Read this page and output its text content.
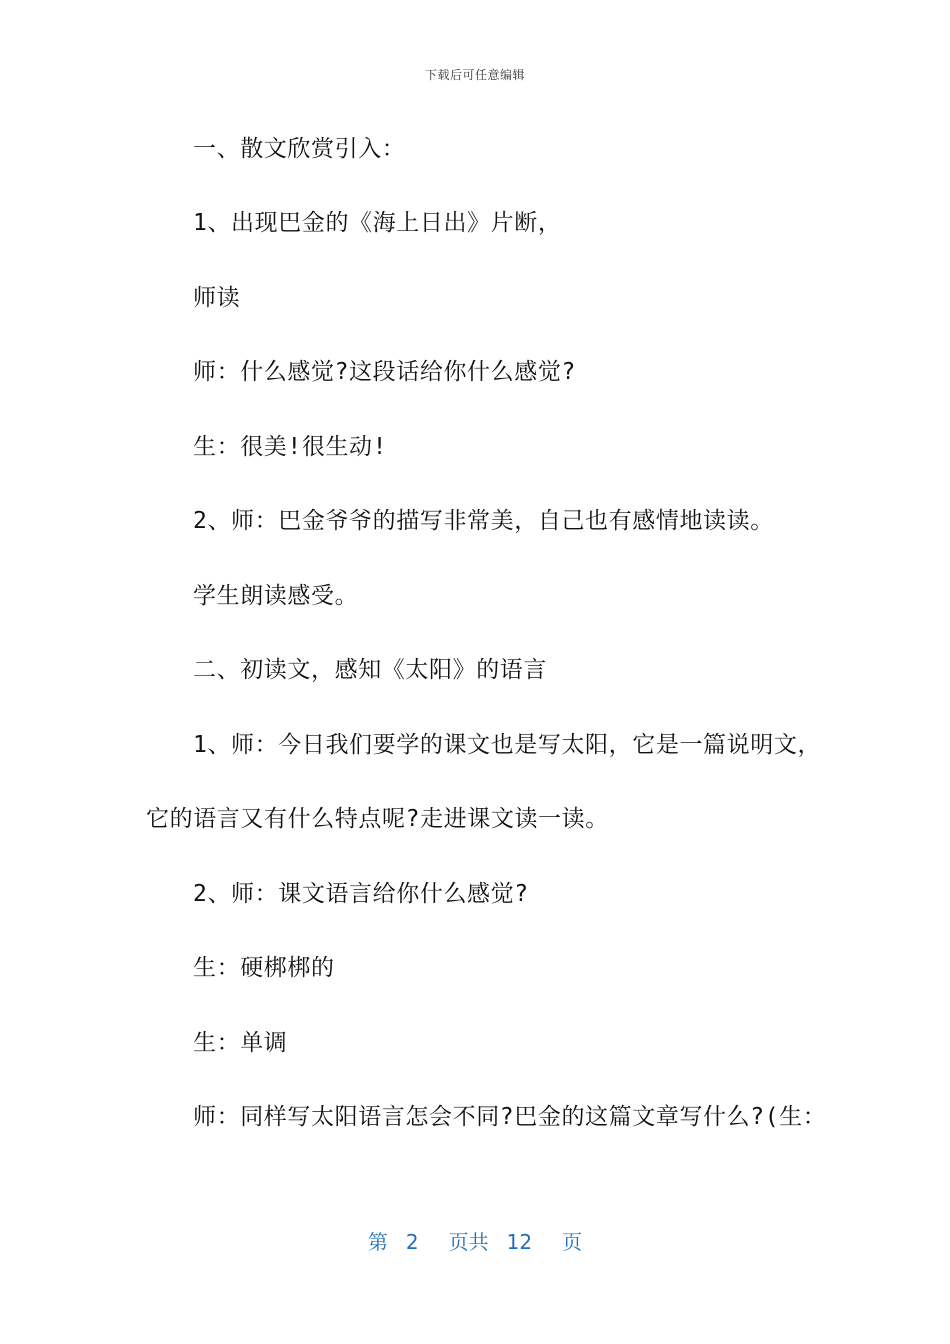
下载后可任意编辑
一、散文欣赏引入：
1、出现巴金的《海上日出》片断，
师读
师：什么感觉?这段话给你什么感觉?
生：很美!很生动!
2、师：巴金爷爷的描写非常美，自己也有感情地读读。
学生朗读感受。
二、初读文，感知《太阳》的语言
1、师：今日我们要学的课文也是写太阳，它是一篇说明文，
它的语言又有什么特点呢?走进课文读一读。
2、师：课文语言给你什么感觉?
生：硬梆梆的
生：单调
师：同样写太阳语言怎会不同?巴金的这篇文章写什么?(生：
第 2 页共 12 页
